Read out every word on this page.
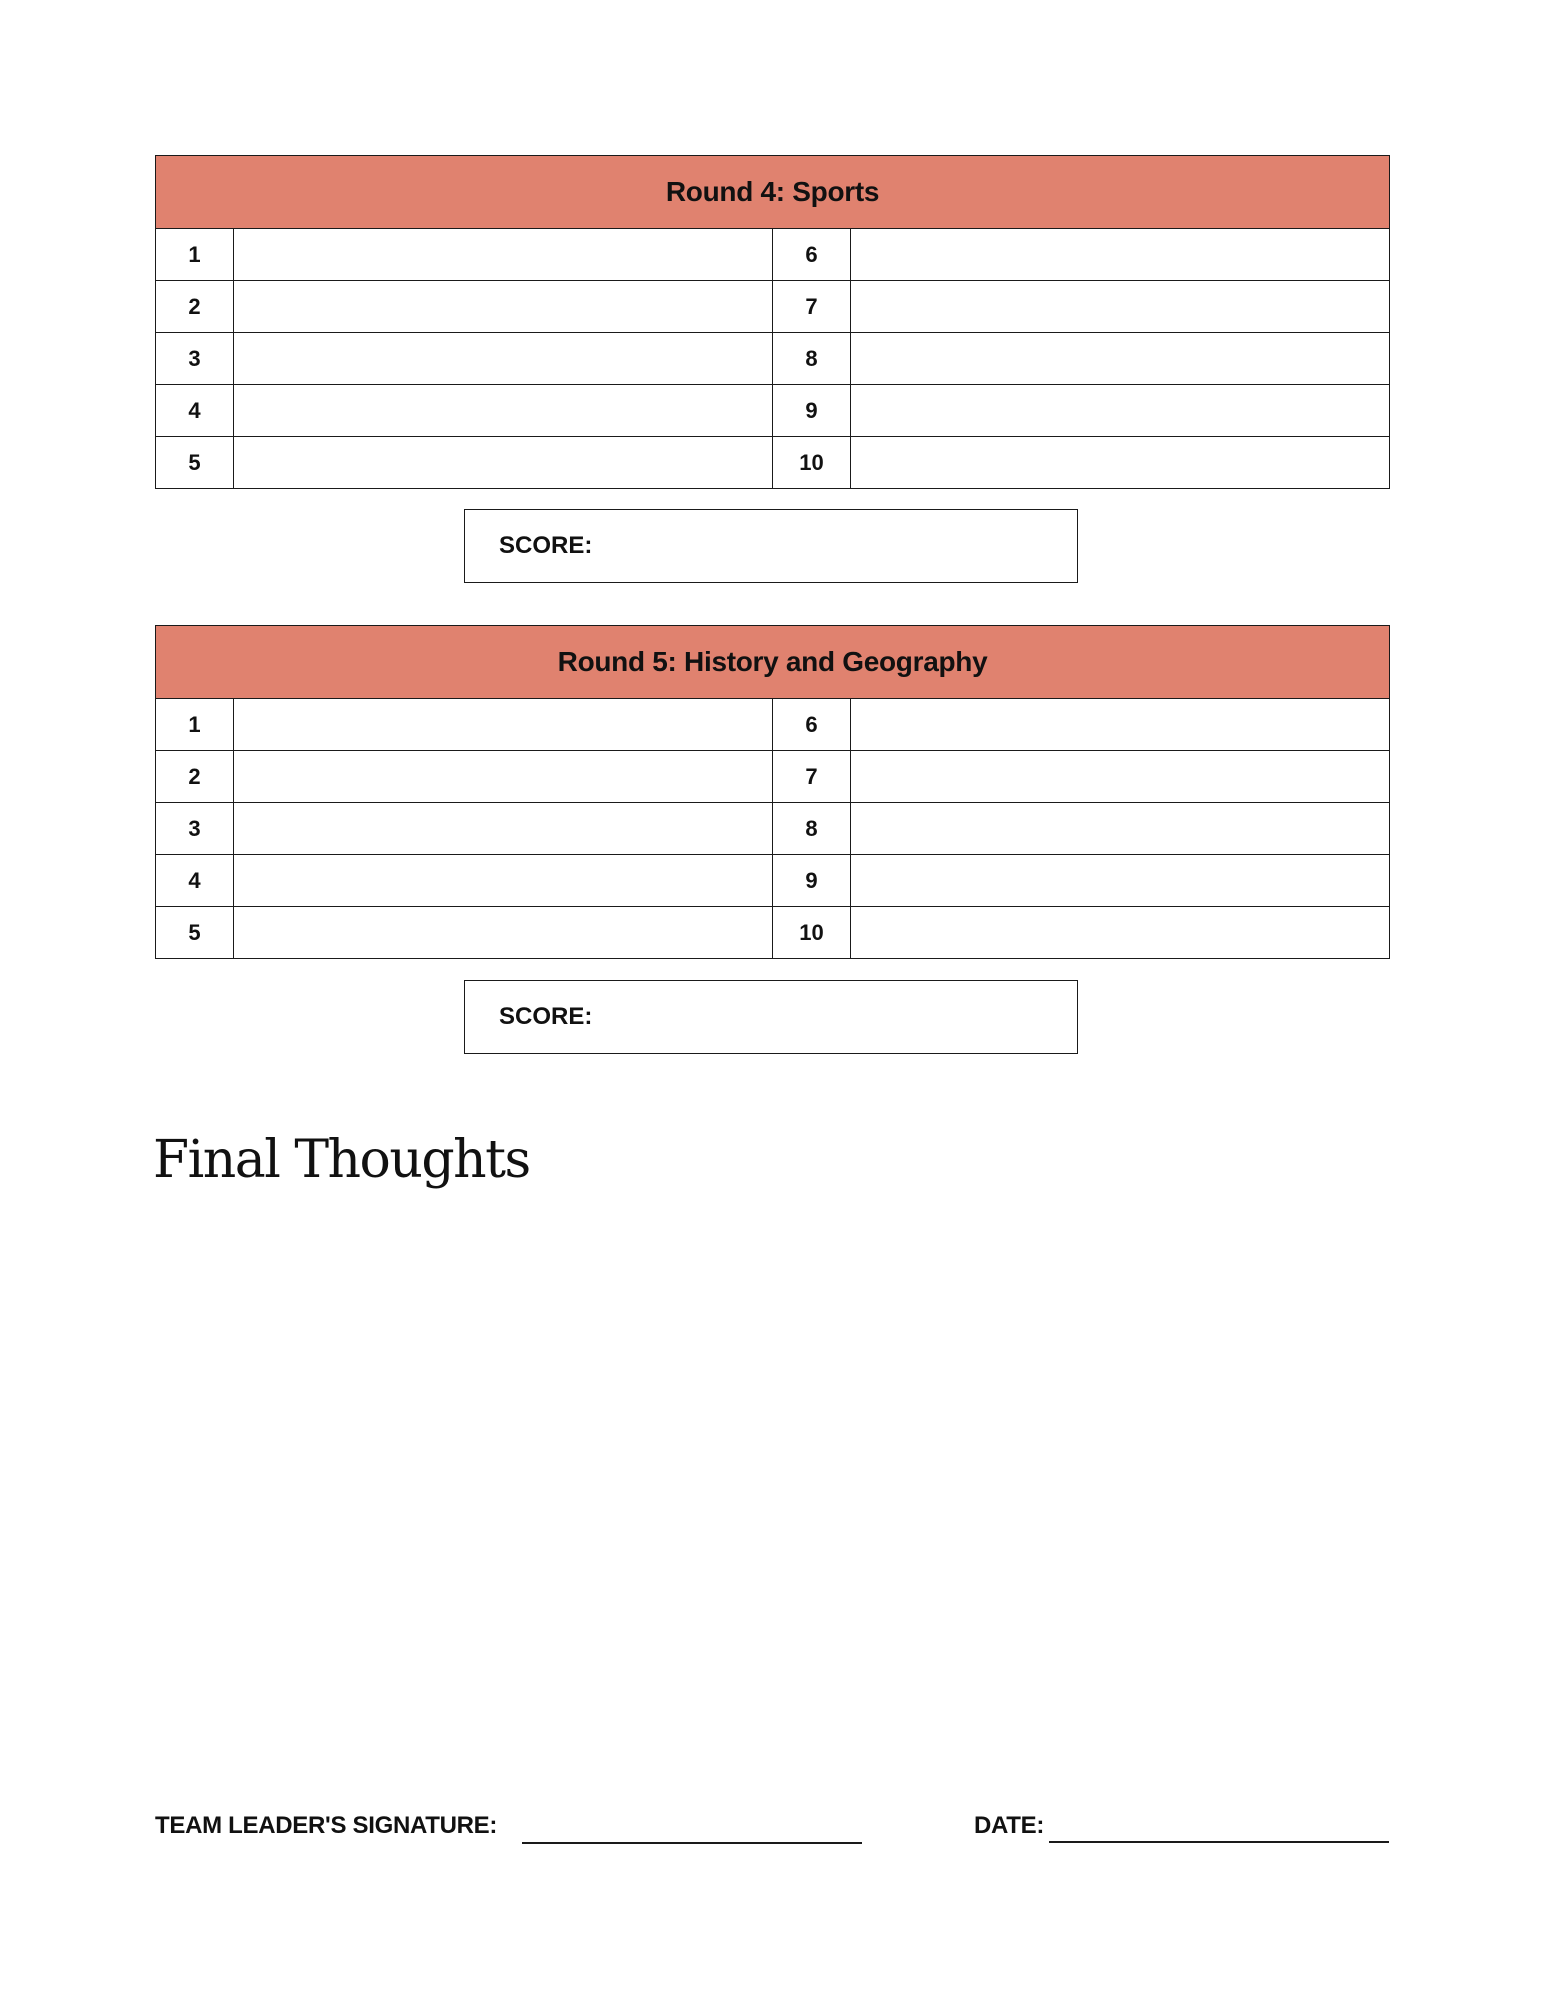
Round 4: Sports			
1		6	
2		7	
3		8	
4		9	
5		10	
SCORE:
Round 5: History and Geography			
1		6	
2		7	
3		8	
4		9	
5		10	
SCORE:
Final Thoughts
TEAM LEADER'S SIGNATURE:	DATE:
